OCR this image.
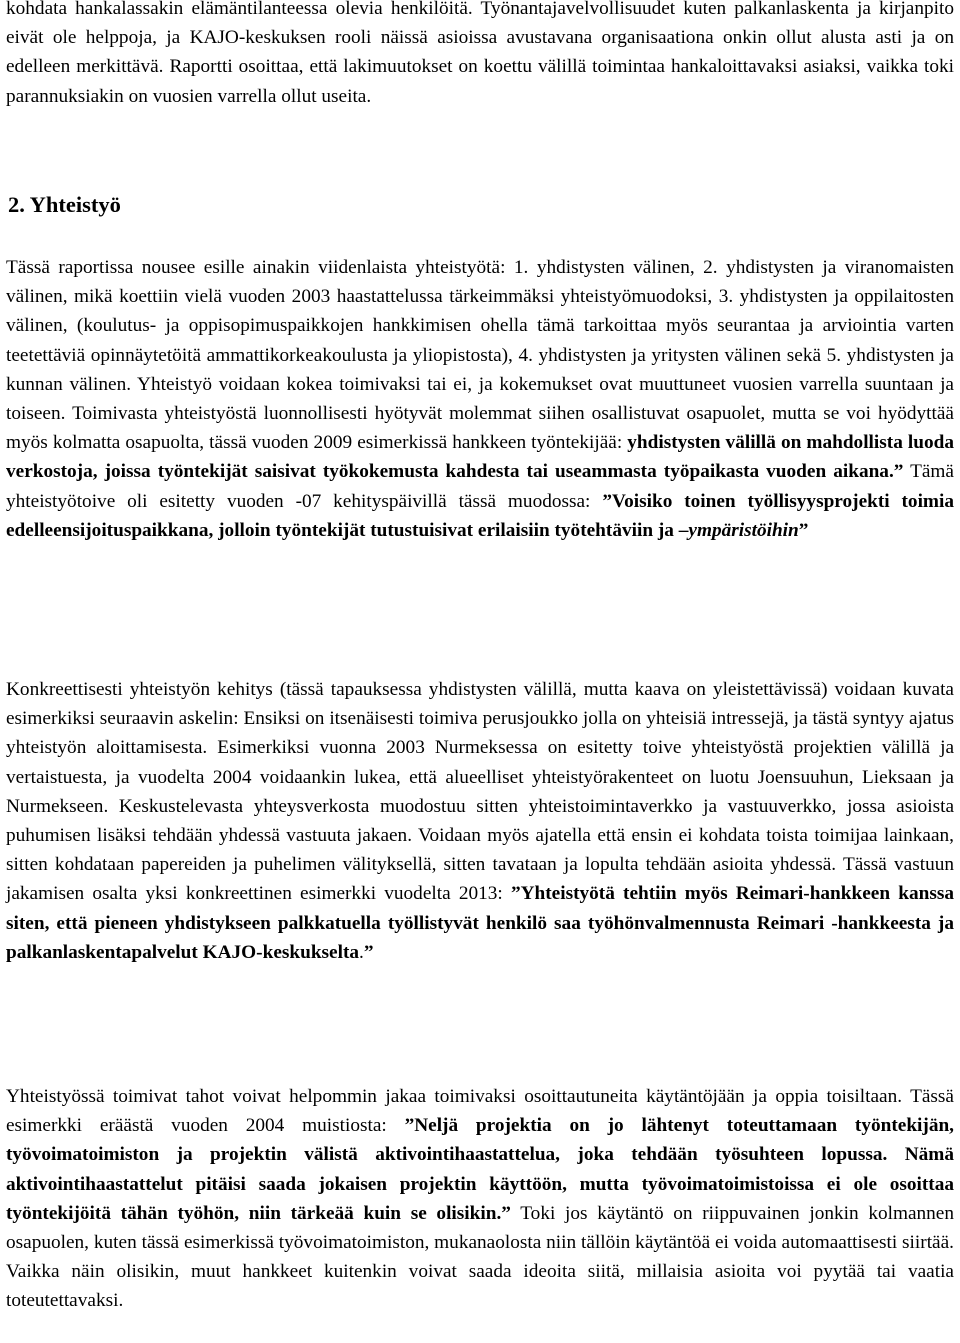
kohdata hankalassakin elämäntilanteessa olevia henkilöitä. Työnantajavelvollisuudet kuten palkanlaskenta ja kirjanpito eivät ole helppoja, ja KAJO-keskuksen rooli näissä asioissa avustavana organisaationa onkin ollut alusta asti ja on edelleen merkittävä. Raportti osoittaa, että lakimuutokset on koettu välillä toimintaa hankaloittavaksi asiaksi, vaikka toki parannuksiakin on vuosien varrella ollut useita.

2. Yhteistyö

Tässä raportissa nousee esille ainakin viidenlaista yhteistyötä: 1. yhdistysten välinen, 2. yhdistysten ja viranomaisten välinen, mikä koettiin vielä vuoden 2003 haastattelussa tärkeimmäksi yhteistyömuodoksi, 3. yhdistysten ja oppilaitosten välinen, (koulutus- ja oppisopimuspaikkojen hankkimisen ohella tämä tarkoittaa myös seurantaa ja arviointia varten teetettäviä opinnäytetöitä ammattikorkeakoulusta ja yliopistosta), 4. yhdistysten ja yritysten välinen sekä 5. yhdistysten ja kunnan välinen. Yhteistyö voidaan kokea toimivaksi tai ei, ja kokemukset ovat muuttuneet vuosien varrella suuntaan ja toiseen. Toimivasta yhteistyöstä luonnollisesti hyötyvät molemmat siihen osallistuvat osapuolet, mutta se voi hyödyttää myös kolmatta osapuolta, tässä vuoden 2009 esimerkissä hankkeen työntekijää: yhdistysten välillä on mahdollista luoda verkostoja, joissa työntekijät saisivat työkokemusta kahdesta tai useammasta työpaikasta vuoden aikana.” Tämä yhteistyötoive oli esitetty vuoden -07 kehityspäivillä tässä muodossa: ”Voisiko toinen työllisyysprojekti toimia edelleensijoituspaikkana, jolloin työntekijät tutustuisivat erilaisiin työtehtäviin ja –ympäristöihin”

Konkreettisesti yhteistyön kehitys (tässä tapauksessa yhdistysten välillä, mutta kaava on yleistettävissä) voidaan kuvata esimerkiksi seuraavin askelin: Ensiksi on itsenäisesti toimiva perusjoukko jolla on yhteisiä intressejä, ja tästä syntyy ajatus yhteistyön aloittamisesta. Esimerkiksi vuonna 2003 Nurmeksessa on esitetty toive yhteistyöstä projektien välillä ja vertaistuesta, ja vuodelta 2004 voidaankin lukea, että alueelliset yhteistyörakenteet on luotu Joensuuhun, Lieksaan ja Nurmekseen. Keskustelevasta yhteysverkosta muodostuu sitten yhteistoimintaverkko ja vastuuverkko, jossa asioista puhumisen lisäksi tehdään yhdessä vastuuta jakaen. Voidaan myös ajatella että ensin ei kohdata toista toimijaa lainkaan, sitten kohdataan papereiden ja puhelimen välityksellä, sitten tavataan ja lopulta tehdään asioita yhdessä. Tässä vastuun jakamisen osalta yksi konkreettinen esimerkki vuodelta 2013: ”Yhteistyötä tehtiin myös Reimari-hankkeen kanssa siten, että pieneen yhdistykseen palkkatuella työllistyvät henkilö saa työhönvalmennusta Reimari -hankkeesta ja palkanlaskentapalvelut KAJO-keskukselta.”

Yhteistyössä toimivat tahot voivat helpommin jakaa toimivaksi osoittautuneita käytäntöjään ja oppia toisiltaan. Tässä esimerkki eräästä vuoden 2004 muistiosta: ”Neljä projektia on jo lähtenyt toteuttamaan työntekijän, työvoimatoimiston ja projektin välistä aktivointihaastattelua, joka tehdään työsuhteen lopussa. Nämä aktivointihaastattelut pitäisi saada jokaisen projektin käyttöön, mutta työvoimatoimistoissa ei ole osoittaa työntekijöitä tähän työhön, niin tärkeää kuin se olisikin.” Toki jos käytäntö on riippuvainen jonkin kolmannen osapuolen, kuten tässä esimerkissä työvoimatoimiston, mukanaolosta niin tällöin käytäntöä ei voida automaattisesti siirtää. Vaikka näin olisikin, muut hankkeet kuitenkin voivat saada ideoita siitä, millaisia asioita voi pyytää tai vaatia toteutettavaksi.
